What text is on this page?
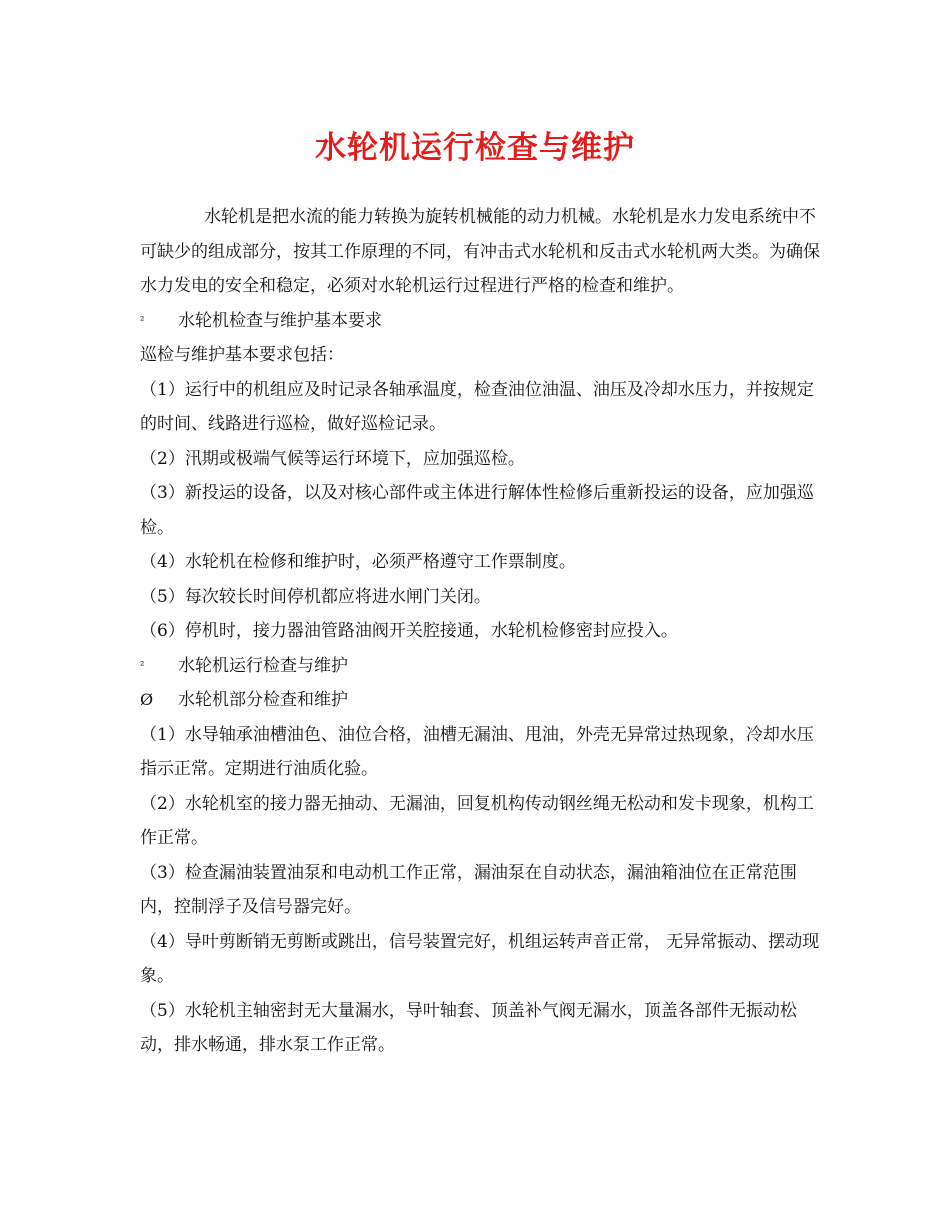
水轮机运行检查与维护

水轮机是把水流的能力转换为旋转机械能的动力机械。水轮机是水力发电系统中不可缺少的组成部分，按其工作原理的不同，有冲击式水轮机和反击式水轮机两大类。为确保水力发电的安全和稳定，必须对水轮机运行过程进行严格的检查和维护。

²	水轮机检查与维护基本要求

巡检与维护基本要求包括：

（1）运行中的机组应及时记录各轴承温度，检查油位油温、油压及冷却水压力，并按规定的时间、线路进行巡检，做好巡检记录。

（2）汛期或极端气候等运行环境下，应加强巡检。

（3）新投运的设备，以及对核心部件或主体进行解体性检修后重新投运的设备，应加强巡检。

（4）水轮机在检修和维护时，必须严格遵守工作票制度。

（5）每次较长时间停机都应将进水闸门关闭。

（6）停机时，接力器油管路油阀开关腔接通，水轮机检修密封应投入。

²	水轮机运行检查与维护
Ø	水轮机部分检查和维护

（1）水导轴承油槽油色、油位合格，油槽无漏油、甩油，外壳无异常过热现象，冷却水压指示正常。定期进行油质化验。

（2）水轮机室的接力器无抽动、无漏油，回复机构传动钢丝绳无松动和发卡现象，机构工作正常。

（3）检查漏油装置油泵和电动机工作正常，漏油泵在自动状态，漏油箱油位在正常范围内，控制浮子及信号器完好。

（4）导叶剪断销无剪断或跳出，信号装置完好，机组运转声音正常， 无异常振动、摆动现象。

（5）水轮机主轴密封无大量漏水，导叶轴套、顶盖补气阀无漏水，顶盖各部件无振动松动，排水畅通，排水泵工作正常。
